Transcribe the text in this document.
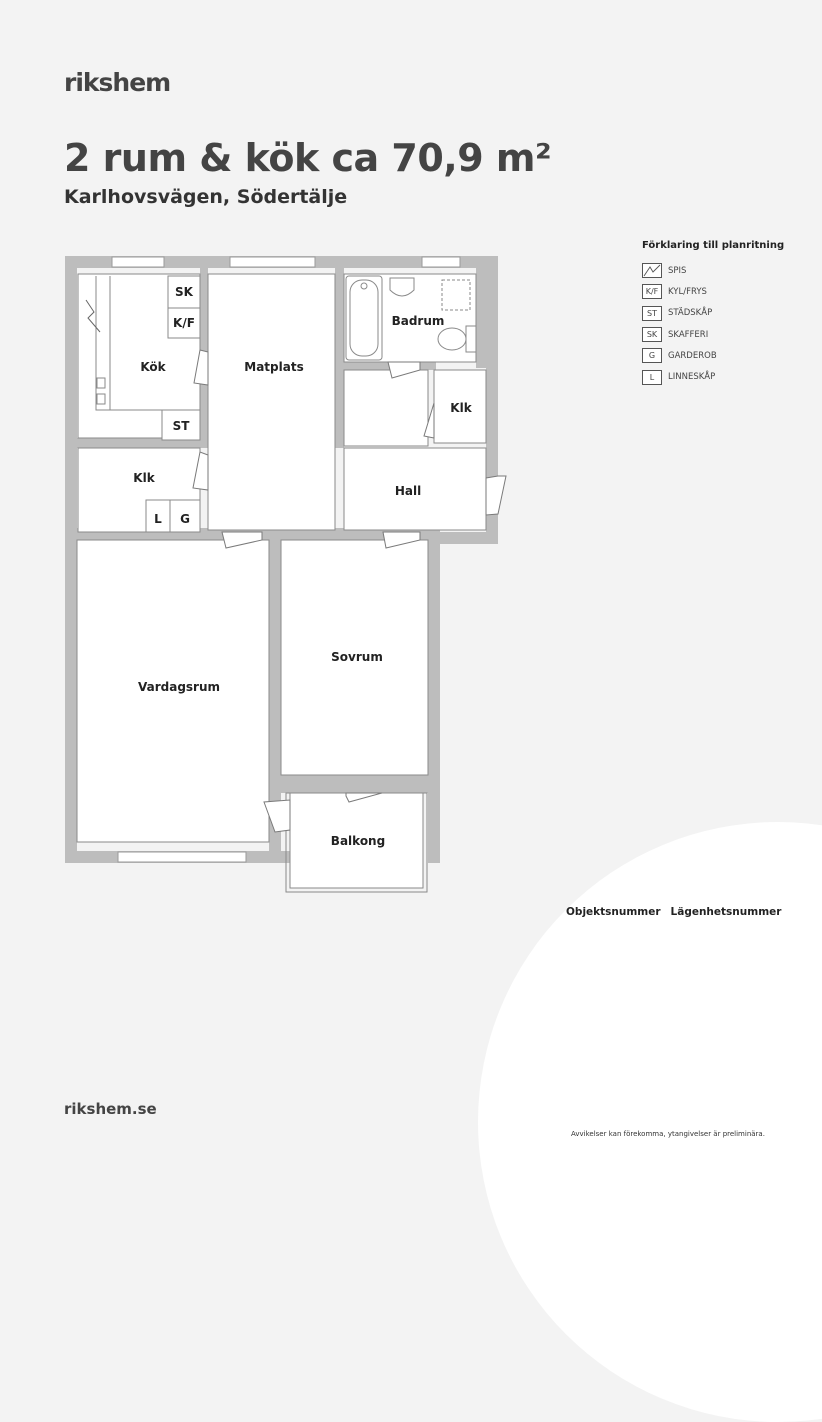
rikshem
2 rum & kök ca 70,9 m²
Karlhovsvägen, Södertälje
Förklaring till planritning
SPIS
K/F	KYL/FRYS
ST	STÄDSKÅP
SK	SKAFFERI
G	GARDEROB
L	LINNESKÅP
Kök	Matplats
Badrum
Klk
Klk
Hall
Vardagsrum
Sovrum
Balkong
SK
K/F
ST
L G
Objektsnummer Lägenhetsnummer
rikshem.se
Avvikelser kan förekomma, ytangivelser är preliminära.
